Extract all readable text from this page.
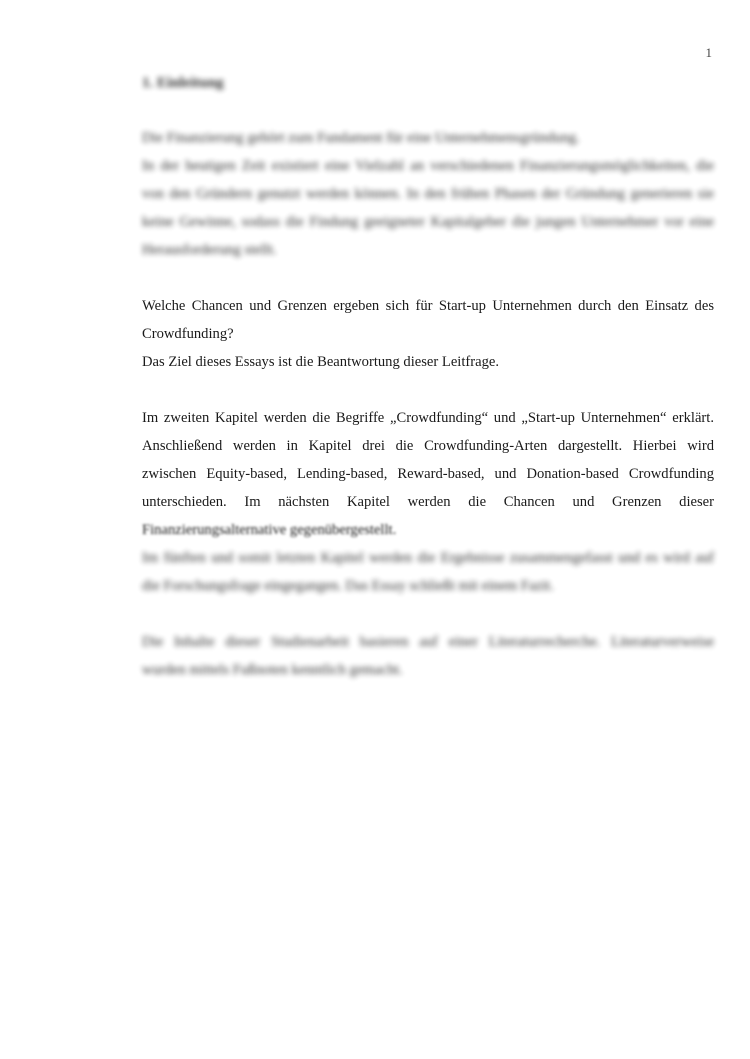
1
1. Einleitung
Die Finanzierung gehört zum Fundament für eine Unternehmensgründung.
In der heutigen Zeit existiert eine Vielzahl an verschiedenen Finanzierungsmöglichkeiten, die
von den Gründern genutzt werden können. In den frühen Phasen der Gründung generieren sie
keine Gewinne, sodass die Findung geeigneter Kapitalgeber die jungen Unternehmer vor eine
Herausforderung stellt.
Welche Chancen und Grenzen ergeben sich für Start-up Unternehmen durch den Einsatz des
Crowdfunding?
Das Ziel dieses Essays ist die Beantwortung dieser Leitfrage.
Im zweiten Kapitel werden die Begriffe „Crowdfunding“ und „Start-up Unternehmen“ erklärt.
Anschließend werden in Kapitel drei die Crowdfunding-Arten dargestellt. Hierbei wird
zwischen Equity-based, Lending-based, Reward-based, und Donation-based Crowdfunding
unterschieden. Im nächsten Kapitel werden die Chancen und Grenzen dieser
Finanzierungsalternative gegenübergestellt.
Im fünften und somit letzten Kapitel werden die Ergebnisse zusammengefasst und es wird auf
die Forschungsfrage eingegangen. Das Essay schließt mit einem Fazit.
Die Inhalte dieser Studienarbeit basieren auf einer Literaturrecherche. Literaturverweise
wurden mittels Fußnoten kenntlich gemacht.
